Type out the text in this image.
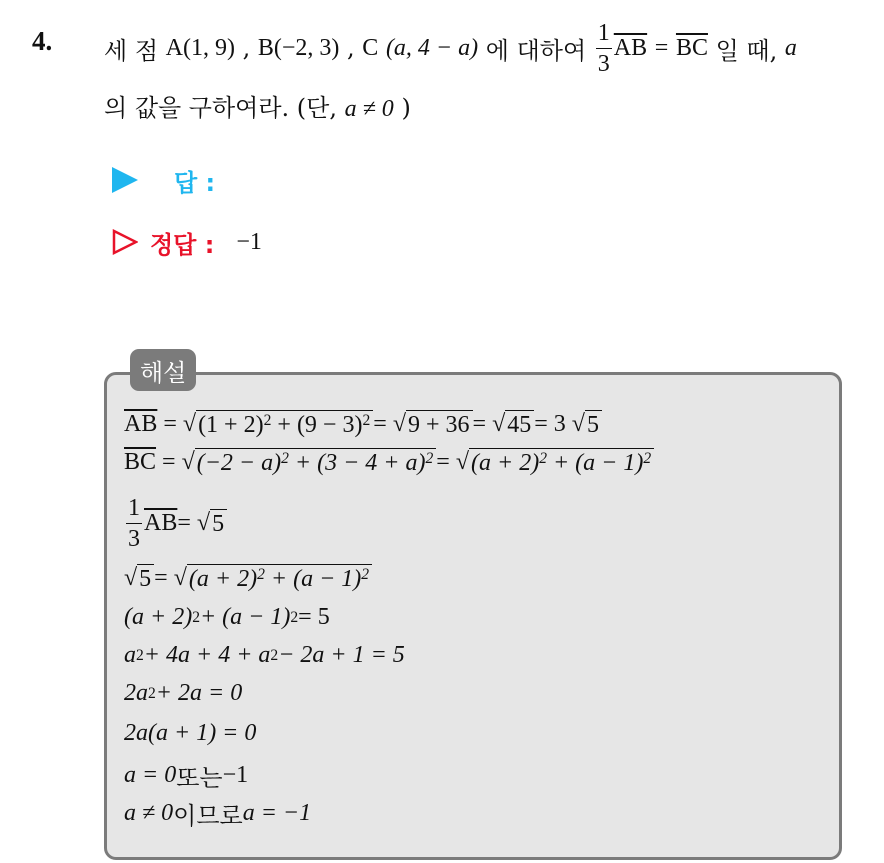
4. 세 점
A(1, 9) , B(−2, 3) , C
(a, 4 − a)
에 대하여
$\frac{1}{3} \overline{AB}$
=
$\overline{BC}$
일 때,
a
의 값을 구하여라. (단, a ≠ 0 )
답 :
정답 : −1
해설
$\overline{AB}$
= √ $(1 + 2)^2 + (9 - 3)^2$ = √ 9 + 36 = √ 45 = 3 √ 5
$\overline{BC}$
= √ $(-2 - a)^2 + (3 - 4 + a)^2$ = √ $(a + 2)^2 + (a - 1)^2$
$\frac{1}{3} \overline{AB}$ = √ 5
√ 5 = √ $(a + 2)^2 + (a - 1)^2$
(a + 2) 2 + (a − 1) 2 = 5
a 2 + 4a + 4 + a 2 − 2a + 1 = 5
2a 2 + 2a = 0
2a(a + 1) = 0
a = 0 또는 −1
a ≠ 0 이므로 a = −1
